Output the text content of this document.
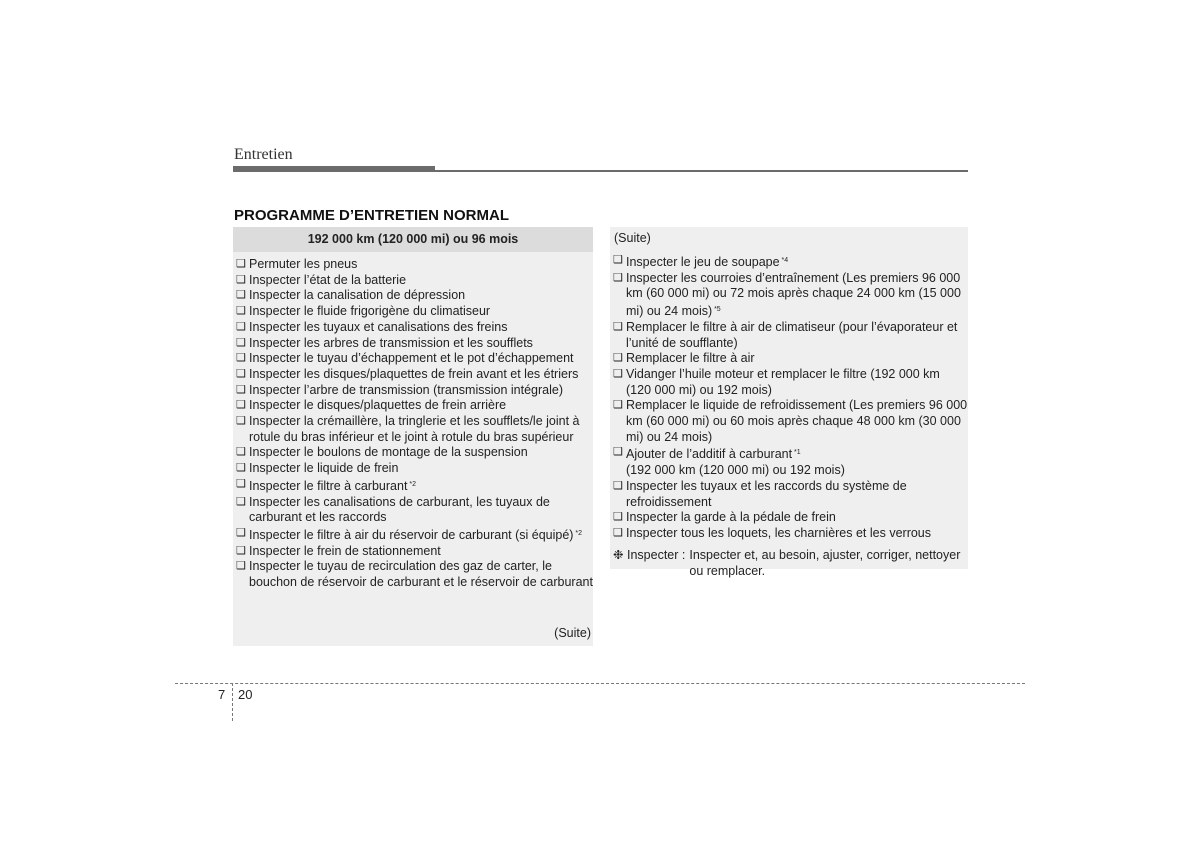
Entretien
PROGRAMME D’ENTRETIEN NORMAL
192 000 km (120 000 mi) ou 96 mois
❑ Permuter les pneus
❑ Inspecter l’état de la batterie
❑ Inspecter la canalisation de dépression
❑ Inspecter le fluide frigorigène du climatiseur
❑ Inspecter les tuyaux et canalisations des freins
❑ Inspecter les arbres de transmission et les soufflets
❑ Inspecter le tuyau d’échappement et le pot d’échappement
❑ Inspecter les disques/plaquettes de frein avant et les étriers
❑ Inspecter l’arbre de transmission (transmission intégrale)
❑ Inspecter le disques/plaquettes de frein arrière
❑ Inspecter la crémaillère, la tringlerie et les soufflets/le joint à rotule du bras inférieur et le joint à rotule du bras supérieur
❑ Inspecter le boulons de montage de la suspension
❑ Inspecter le liquide de frein
❑ Inspecter le filtre à carburant $^{*2}$
❑ Inspecter les canalisations de carburant, les tuyaux de carburant et les raccords
❑ Inspecter le filtre à air du réservoir de carburant (si équipé) $^{*2}$
❑ Inspecter le frein de stationnement
❑ Inspecter le tuyau de recirculation des gaz de carter, le bouchon de réservoir de carburant et le réservoir de carburant
(Suite)
(Suite)
❑ Inspecter le jeu de soupape $^{*4}$
❑ Inspecter les courroies d’entraînement (Les premiers 96 000 km (60 000 mi) ou 72 mois après chaque 24 000 km (15 000 mi) ou 24 mois) $^{*5}$
❑ Remplacer le filtre à air de climatiseur (pour l’évaporateur et l’unité de soufflante)
❑ Remplacer le filtre à air
❑ Vidanger l’huile moteur et remplacer le filtre (192 000 km (120 000 mi) ou 192 mois)
❑ Remplacer le liquide de refroidissement (Les premiers 96 000 km (60 000 mi) ou 60 mois après chaque 48 000 km (30 000 mi) ou 24 mois)
❑ Ajouter de l’additif à carburant $^{*1}$
(192 000 km (120 000 mi) ou 192 mois)
❑ Inspecter les tuyaux et les raccords du système de refroidissement
❑ Inspecter la garde à la pédale de frein
❑ Inspecter tous les loquets, les charnières et les verrous
❉ Inspecter : Inspecter et, au besoin, ajuster, corriger, nettoyer ou remplacer.
7 20
